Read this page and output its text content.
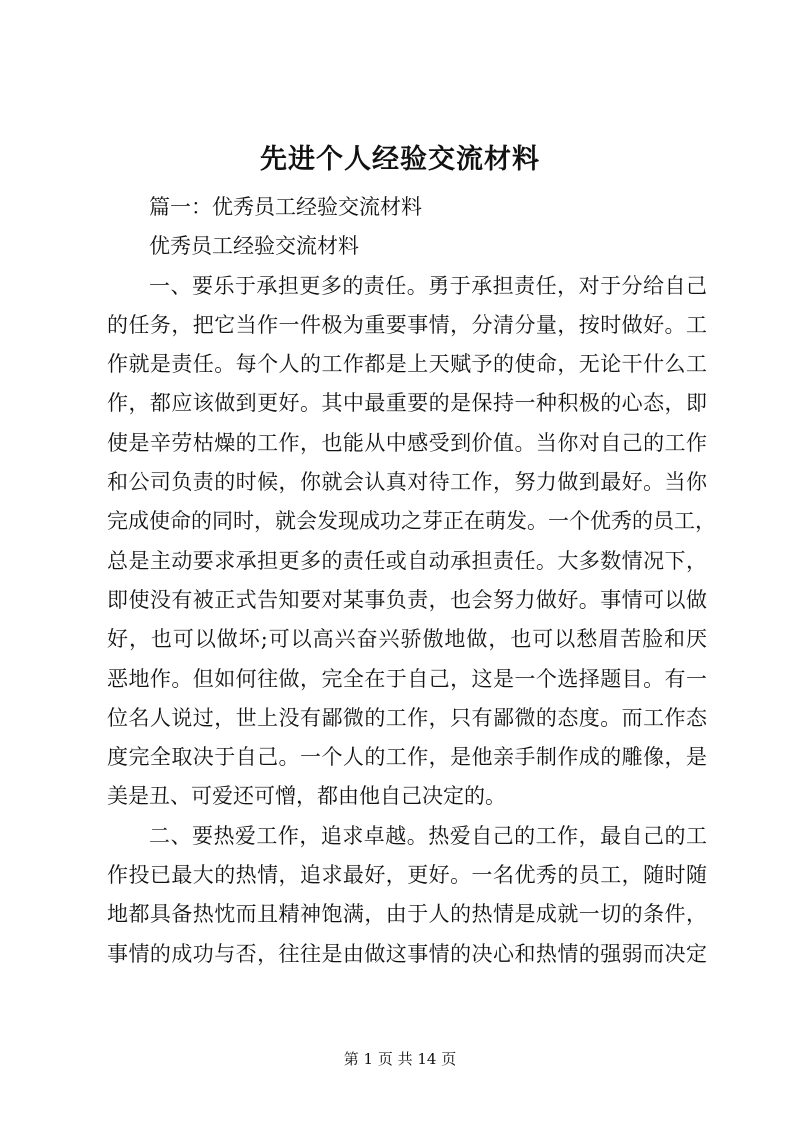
先进个人经验交流材料
篇一：优秀员工经验交流材料
优秀员工经验交流材料
一、要乐于承担更多的责任。勇于承担责任，对于分给自己
的任务，把它当作一件极为重要事情，分清分量，按时做好。工
作就是责任。每个人的工作都是上天赋予的使命，无论干什么工
作，都应该做到更好。其中最重要的是保持一种积极的心态，即
使是辛劳枯燥的工作，也能从中感受到价值。当你对自己的工作
和公司负责的时候，你就会认真对待工作，努力做到最好。当你
完成使命的同时，就会发现成功之芽正在萌发。一个优秀的员工，
总是主动要求承担更多的责任或自动承担责任。大多数情况下，
即使没有被正式告知要对某事负责，也会努力做好。事情可以做
好，也可以做坏;可以高兴奋兴骄傲地做，也可以愁眉苦脸和厌
恶地作。但如何往做，完全在于自己，这是一个选择题目。有一
位名人说过，世上没有鄙微的工作，只有鄙微的态度。而工作态
度完全取决于自己。一个人的工作，是他亲手制作成的雕像，是
美是丑、可爱还可憎，都由他自己决定的。
二、要热爱工作，追求卓越。热爱自己的工作，最自己的工
作投已最大的热情，追求最好，更好。一名优秀的员工，随时随
地都具备热忱而且精神饱满，由于人的热情是成就一切的条件，
事情的成功与否，往往是由做这事情的决心和热情的强弱而决定
第 1 页 共 14 页
